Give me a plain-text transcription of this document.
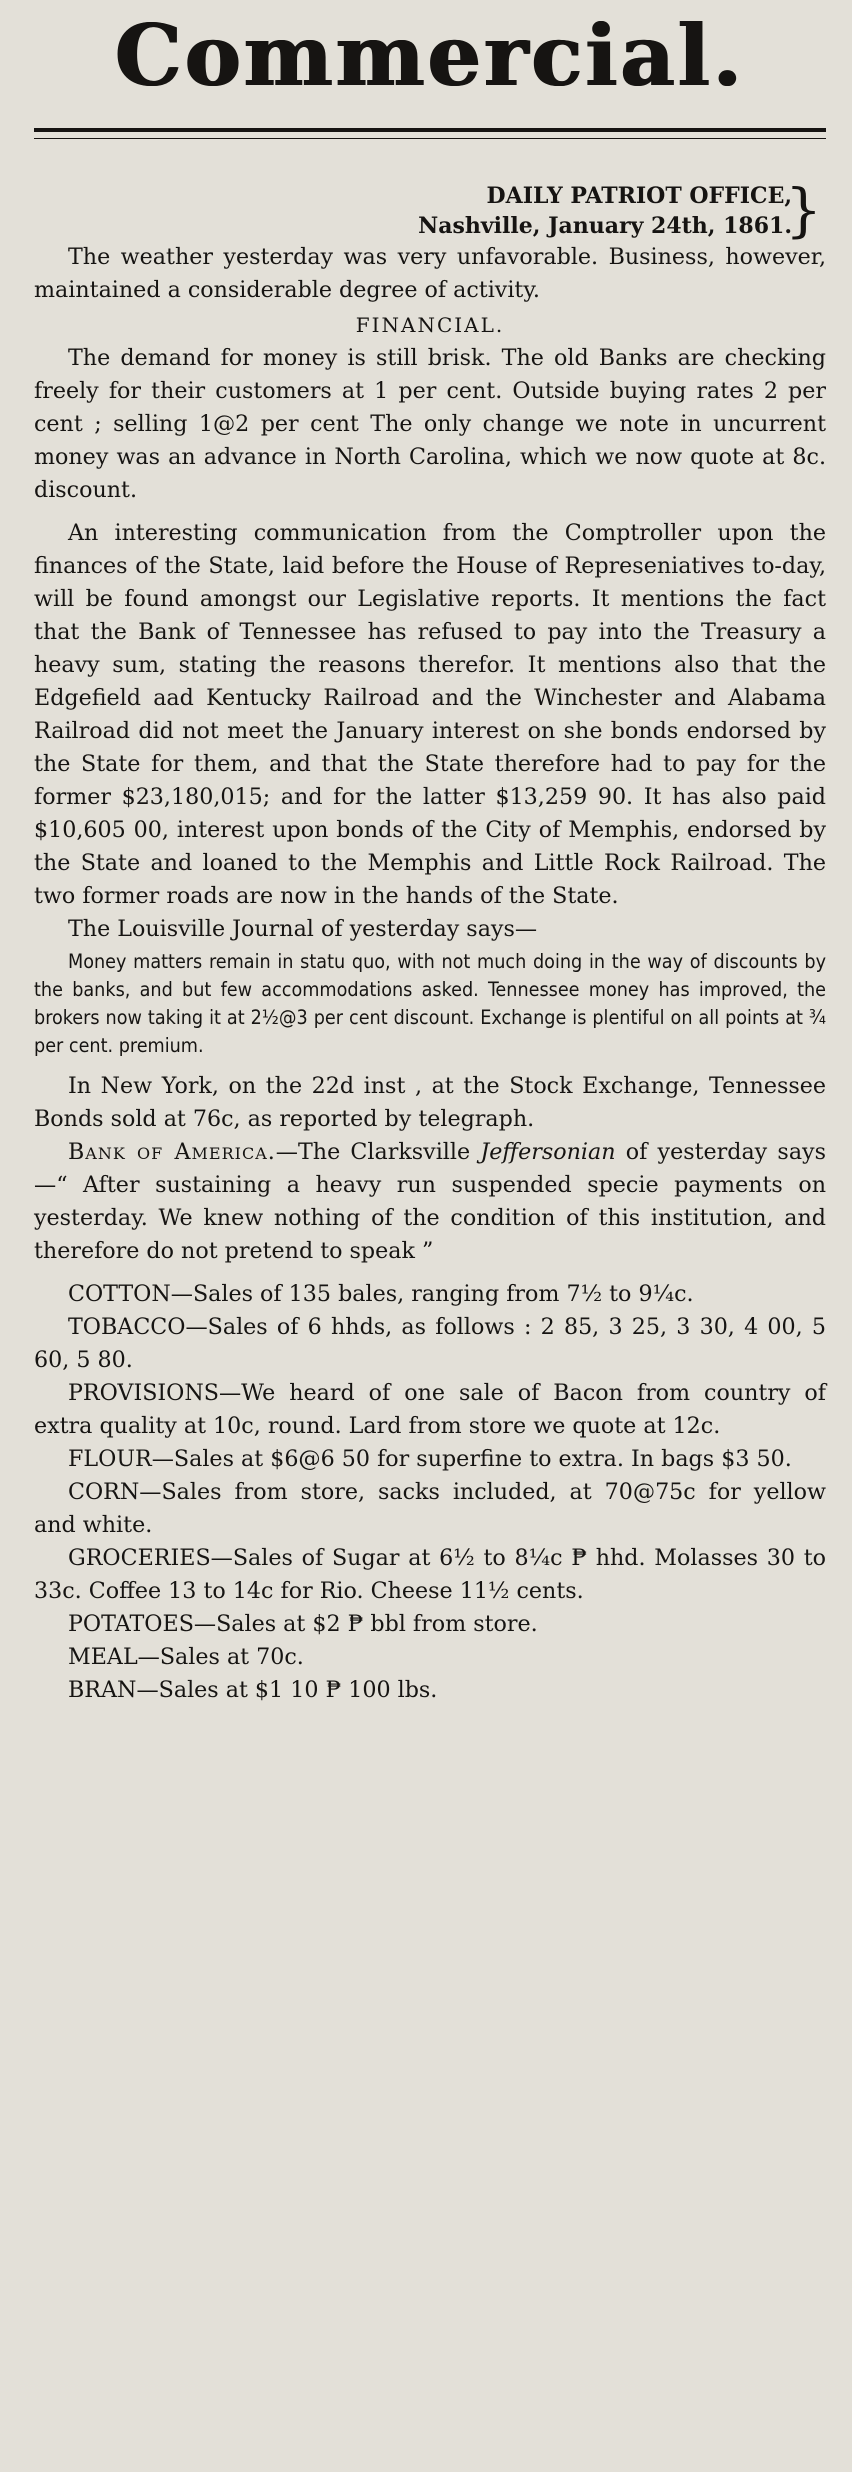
Commercial.
DAILY PATRIOT OFFICE,
Nashville, January 24th, 1861.
}

The weather yesterday was very unfavorable. Business, however, maintained a considerable degree of activity.

FINANCIAL.

The demand for money is still brisk. The old Banks are checking freely for their customers at 1 per cent. Outside buying rates 2 per cent ; selling 1@2 per cent The only change we note in uncurrent money was an advance in North Carolina, which we now quote at 8c. discount.

An interesting communication from the Comptroller upon the finances of the State, laid before the House of Represeniatives to-day, will be found amongst our Legislative reports. It mentions the fact that the Bank of Tennessee has refused to pay into the Treasury a heavy sum, stating the reasons therefor. It mentions also that the Edgefield aad Kentucky Railroad and the Winchester and Alabama Railroad did not meet the January interest on she bonds endorsed by the State for them, and that the State therefore had to pay for the former $23,180,015; and for the latter $13,259 90. It has also paid $10,605 00, interest upon bonds of the City of Memphis, endorsed by the State and loaned to the Memphis and Little Rock Railroad. The two former roads are now in the hands of the State.

The Louisville Journal of yesterday says—

Money matters remain in statu quo, with not much doing in the way of discounts by the banks, and but few accommodations asked. Tennessee money has improved, the brokers now taking it at 2½@3 per cent discount. Exchange is plentiful on all points at ¾ per cent. premium.

In New York, on the 22d inst , at the Stock Exchange, Tennessee Bonds sold at 76c, as reported by telegraph.

Bank of America.—The Clarksville Jeffersonian of yesterday says—“ After sustaining a heavy run suspended specie payments on yesterday. We knew nothing of the condition of this institution, and therefore do not pretend to speak ”

COTTON—Sales of 135 bales, ranging from 7½ to 9¼c.

TOBACCO—Sales of 6 hhds, as follows : 2 85, 3 25, 3 30, 4 00, 5 60, 5 80.

PROVISIONS—We heard of one sale of Bacon from country of extra quality at 10c, round. Lard from store we quote at 12c.

FLOUR—Sales at $6@6 50 for superfine to extra. In bags $3 50.

CORN—Sales from store, sacks included, at 70@75c for yellow and white.

GROCERIES—Sales of Sugar at 6½ to 8¼c ₱ hhd. Molasses 30 to 33c. Coffee 13 to 14c for Rio. Cheese 11½ cents.

POTATOES—Sales at $2 ₱ bbl from store.

MEAL—Sales at 70c.

BRAN—Sales at $1 10 ₱ 100 lbs.
